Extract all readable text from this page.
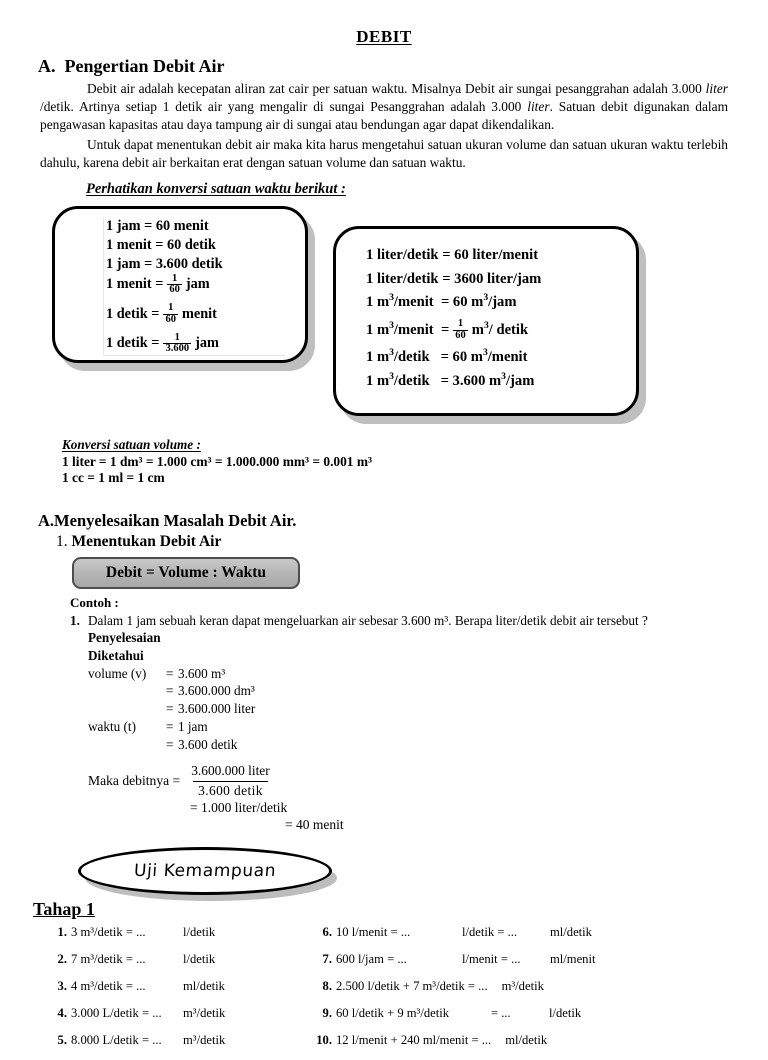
DEBIT
A. Pengertian Debit Air
Debit air adalah kecepatan aliran zat cair per satuan waktu. Misalnya Debit air sungai pesanggrahan adalah 3.000 liter /detik. Artinya setiap 1 detik air yang mengalir di sungai Pesanggrahan adalah 3.000 liter. Satuan debit digunakan dalam pengawasan kapasitas atau daya tampung air di sungai atau bendungan agar dapat dikendalikan.
Untuk dapat menentukan debit air maka kita harus mengetahui satuan ukuran volume dan satuan ukuran waktu terlebih dahulu, karena debit air berkaitan erat dengan satuan volume dan satuan waktu.
Perhatikan konversi satuan waktu berikut :
1 jam = 60 menit
1 menit = 60 detik
1 jam = 3.600 detik
1 menit = $\frac{1}{60}$ jam
1 detik = $\frac{1}{60}$ menit
1 detik = $\frac{1}{3.600}$ jam
1 liter/detik
= 60 liter/menit
1 liter/detik
= 3600 liter/jam
1 $m^3$/menit
= 60 $m^3$/jam
1 $m^3$/menit = $\frac{1}{60} m^3/$ detik
1 $m^3$/detik
= 60 $m^3$/menit
1 $m^3$/detik
= 3.600 $m^3$/jam
Konversi satuan volume :
1 liter = 1 dm³ = 1.000 cm³ = 1.000.000 mm³ = 0.001 m³
1 cc = 1 ml = 1 cm
A.Menyelesaikan Masalah Debit Air.
1. Menentukan Debit Air
Debit = Volume : Waktu
Contoh :
1. Dalam 1 jam sebuah keran dapat mengeluarkan air sebesar 3.600 m³. Berapa liter/detik debit air tersebut ?
Penyelesaian
Diketahui
volume (v)	= 3.600 m³
= 3.600.000 dm³
= 3.600.000 liter
waktu (t)	= 1 jam
= 3.600 detik
Maka debitnya = $\frac{\text{3.600.000 liter}}{\text{3.600 detik}}$
= 1.000 liter/detik
= 40 menit
Uji Kemampuan
Tahap 1
1. 3 m³/detik = ...	l/detik
2. 7 m³/detik = ...	l/detik
3. 4 m³/detik = ...	ml/detik
4. 3.000 L/detik = ...	m³/detik
5. 8.000 L/detik = ...	m³/detik
6. 10 l/menit = ...	l/detik = ...	ml/detik
7. 600 l/jam = ...	l/menit = ...	ml/menit
8. 2.500 l/detik + 7 m³/detik = ... m³/detik
9. 60 l/detik + 9 m³/detik	= ...	l/detik
10. 12 l/menit + 240 ml/menit = ... ml/detik
